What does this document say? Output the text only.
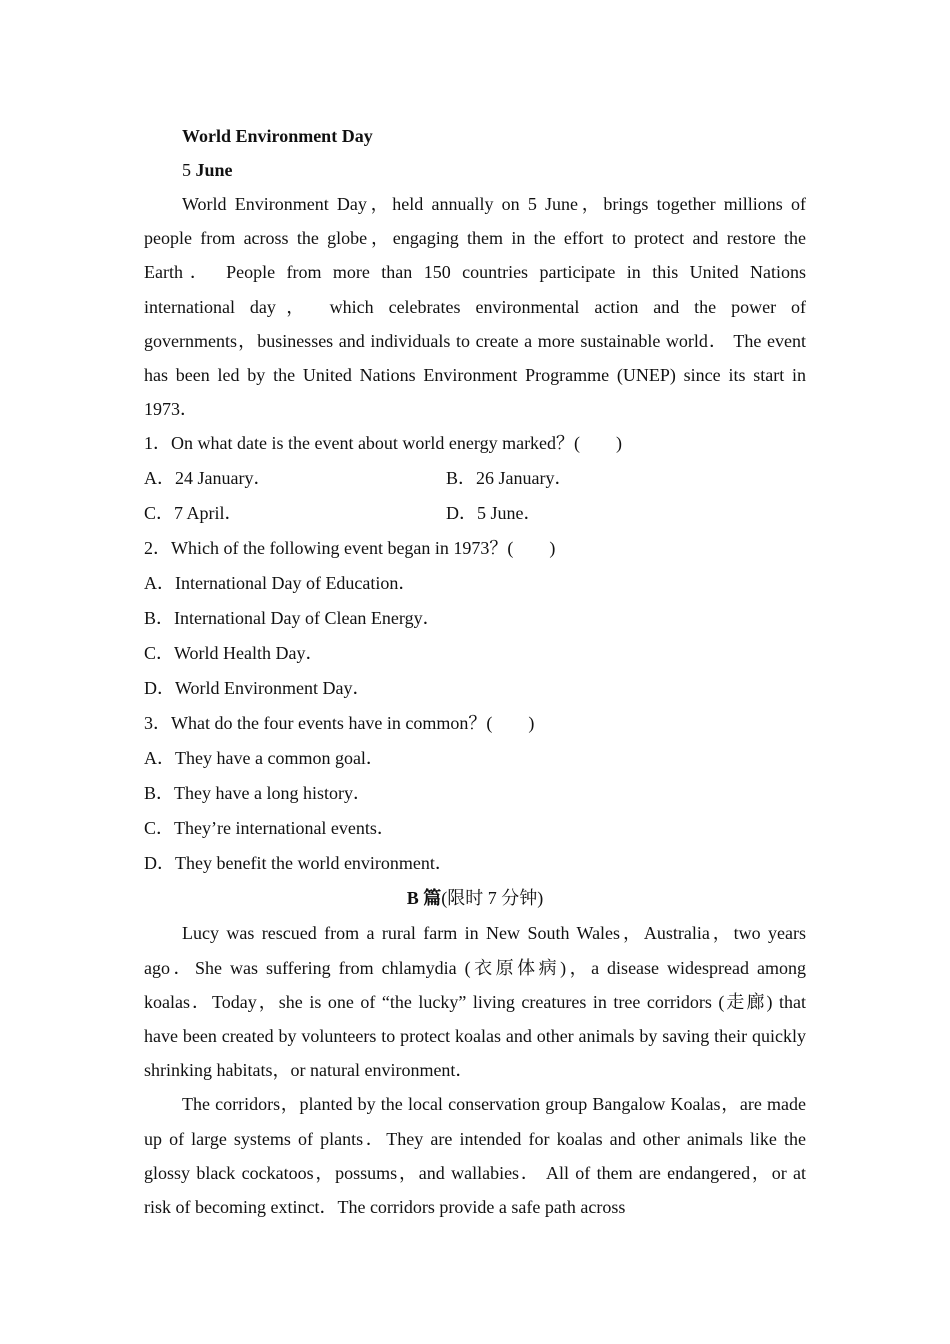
World Environment Day
5 June
World Environment Day，held annually on 5 June，brings together millions of people from across the globe，engaging them in the effort to protect and restore the Earth． People from more than 150 countries participate in this United Nations international day， which celebrates environmental action and the power of governments，businesses and individuals to create a more sustainable world． The event has been led by the United Nations Environment Programme (UNEP) since its start in 1973．
1．On what date is the event about world energy marked？(　　)
A．24 January．	B．26 January．
C．7 April．	D．5 June．
2．Which of the following event began in 1973？(　　)
A．International Day of Education．
B．International Day of Clean Energy．
C．World Health Day．
D．World Environment Day．
3．What do the four events have in common？(　　)
A．They have a common goal．
B．They have a long history．
C．They’re international events．
D．They benefit the world environment．
B 篇(限时 7 分钟)
Lucy was rescued from a rural farm in New South Wales，Australia，two years ago．She was suffering from chlamydia (衣原体病)，a disease widespread among koalas．Today，she is one of “the lucky” living creatures in tree corridors (走廊) that have been created by volunteers to protect koalas and other animals by saving their quickly shrinking habitats，or natural environment．
The corridors，planted by the local conservation group Bangalow Koalas，are made up of large systems of plants．They are intended for koalas and other animals like the glossy black cockatoos，possums，and wallabies． All of them are endangered，or at risk of becoming extinct．The corridors provide a safe path across
